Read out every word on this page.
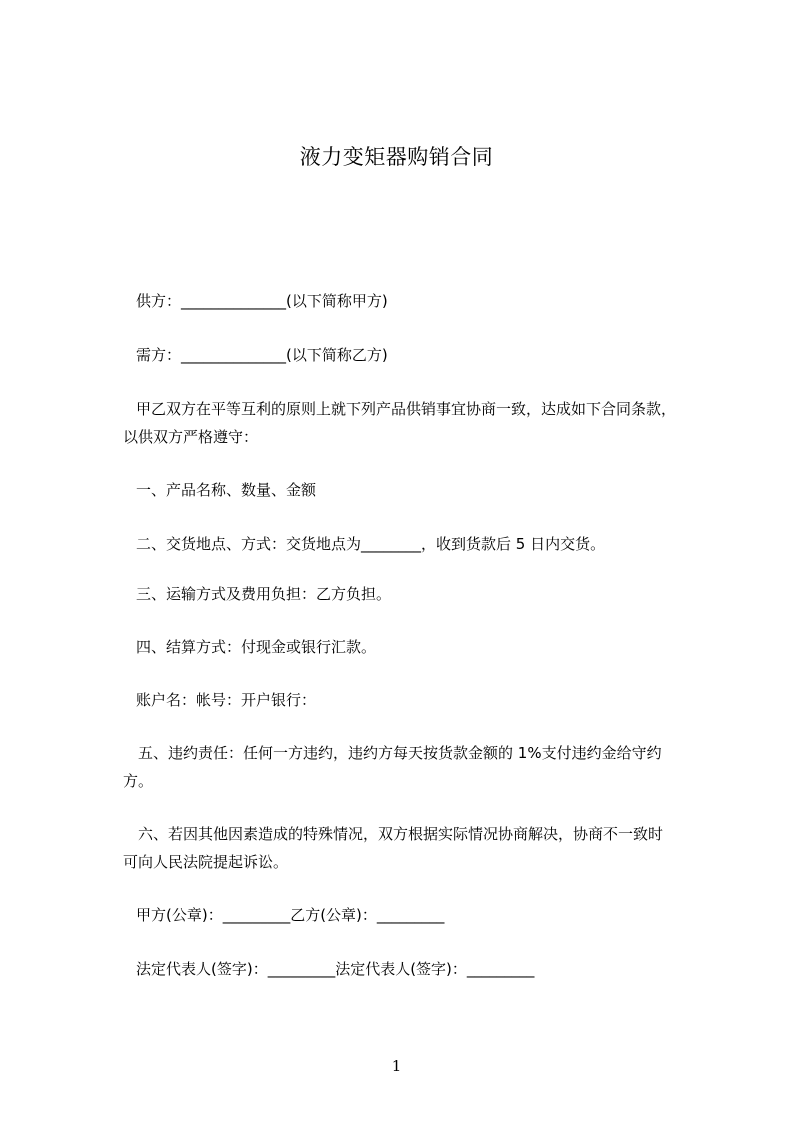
液力变矩器购销合同
供方：______________(以下简称甲方)
需方：______________(以下简称乙方)
甲乙双方在平等互利的原则上就下列产品供销事宜协商一致，达成如下合同条款，
以供双方严格遵守：
一、产品名称、数量、金额
二、交货地点、方式：交货地点为________，收到货款后 5 日内交货。
三、运输方式及费用负担：乙方负担。
四、结算方式：付现金或银行汇款。
账户名：帐号：开户银行：
五、违约责任：任何一方违约，违约方每天按货款金额的 1%支付违约金给守约
方。
六、若因其他因素造成的特殊情况，双方根据实际情况协商解决，协商不一致时
可向人民法院提起诉讼。
甲方(公章)：_________乙方(公章)：_________
法定代表人(签字)：_________法定代表人(签字)：_________
1
